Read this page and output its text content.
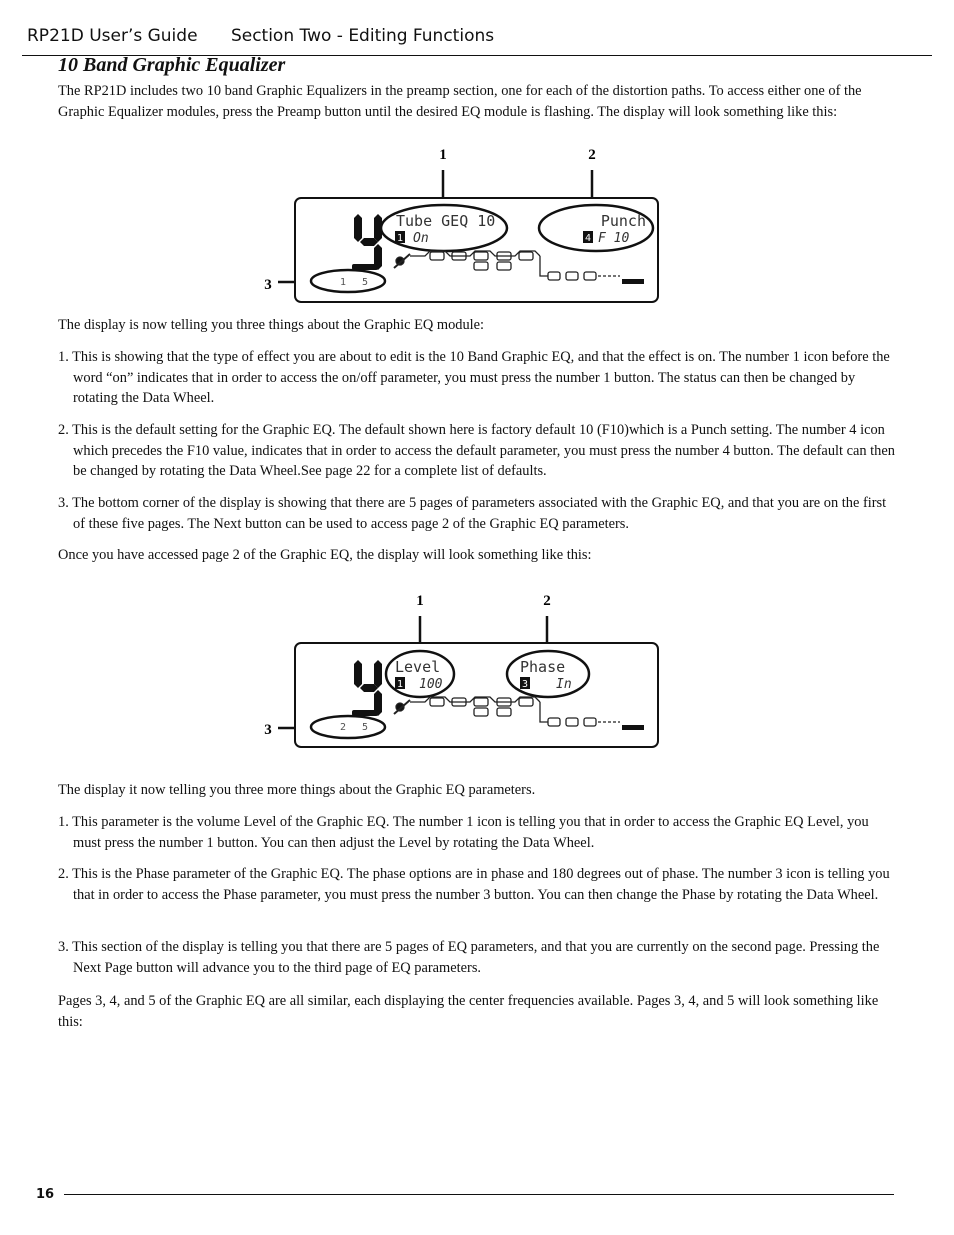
RP21D User’s Guide Section Two - Editing Functions
10 Band Graphic Equalizer
The RP21D includes two 10 band Graphic Equalizers in the preamp section, one for each of the distortion paths. To access either one of the Graphic Equalizer modules, press the Preamp button until the desired EQ module is flashing. The display will look something like this:
1	2
3
Tube GEQ 10
1 On
Punch
4 F 10
1 5
The display is now telling you three things about the Graphic EQ module:
1. This is showing that the type of effect you are about to edit is the 10 Band Graphic EQ, and that the effect is on. The number 1 icon before the word “on” indicates that in order to access the on/off parameter, you must press the number 1 button. The status can then be changed by rotating the Data Wheel.
2. This is the default setting for the Graphic EQ. The default shown here is factory default 10 (F10)which is a Punch setting. The number 4 icon which precedes the F10 value, indicates that in order to access the default parameter, you must press the number 4 button. The default can then be changed by rotating the Data Wheel.See page 22 for a complete list of defaults.
3. The bottom corner of the display is showing that there are 5 pages of parameters associated with the Graphic EQ, and that you are on the first of these five pages. The Next button can be used to access page 2 of the Graphic EQ parameters.
Once you have accessed page 2 of the Graphic EQ, the display will look something like this:
1	2
3
Level
1 100
Phase
3 In
2 5
The display it now telling you three more things about the Graphic EQ parameters.
1. This parameter is the volume Level of the Graphic EQ. The number 1 icon is telling you that in order to access the Graphic EQ Level, you must press the number 1 button. You can then adjust the Level by rotating the Data Wheel.
2. This is the Phase parameter of the Graphic EQ. The phase options are in phase and 180 degrees out of phase. The number 3 icon is telling you that in order to access the Phase parameter, you must press the number 3 button. You can then change the Phase by rotating the Data Wheel.
3. This section of the display is telling you that there are 5 pages of EQ parameters, and that you are currently on the second page. Pressing the Next Page button will advance you to the third page of EQ parameters.
Pages 3, 4, and 5 of the Graphic EQ are all similar, each displaying the center frequencies available. Pages 3, 4, and 5 will look something like this:
16
